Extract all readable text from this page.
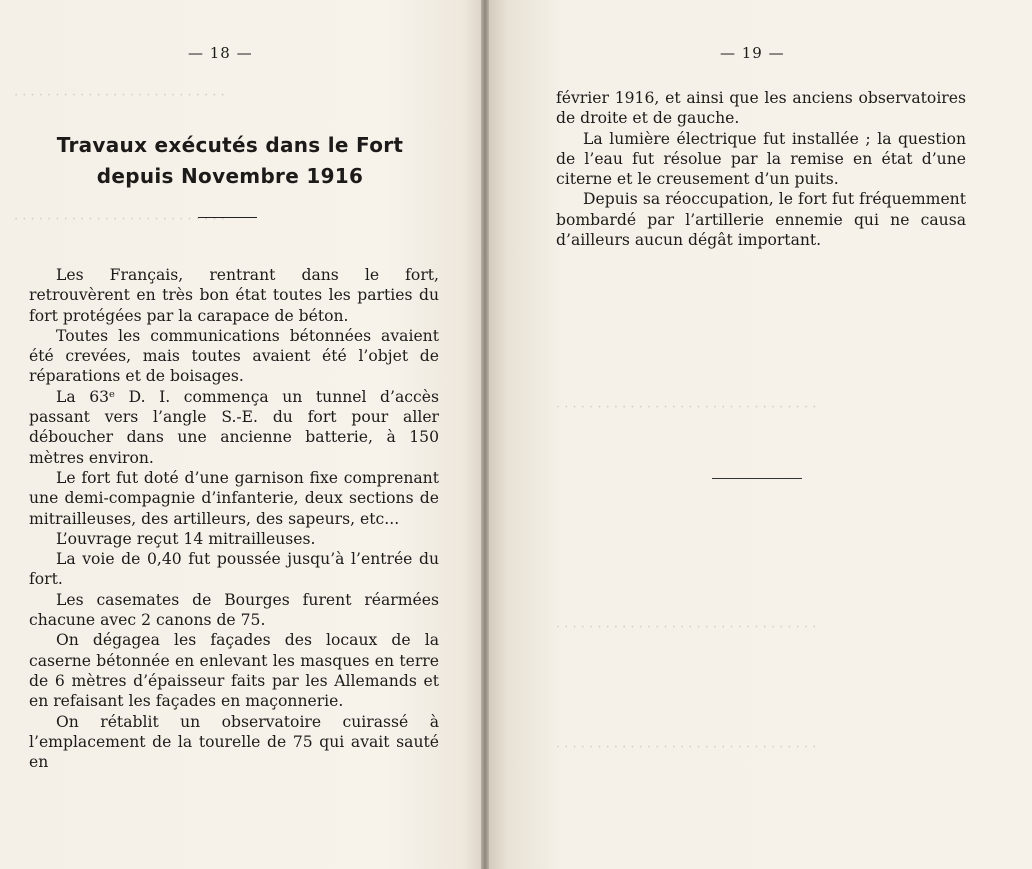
· · · · · · · · · · · · · · · · · · · · · · · · · ·
· · · · · · · · · · · · · · · · · · · · · · · · · ·
— 18 —
Travaux exécutés dans le Fort
depuis Novembre 1916

Les Français, rentrant dans le fort, retrouvèrent en très bon état toutes les parties du fort protégées par la carapace de béton.

Toutes les communications bétonnées avaient été crevées, mais toutes avaient été l’objet de réparations et de boisages.

La 63ᵉ D. I. commença un tunnel d’accès passant vers l’angle S.-E. du fort pour aller déboucher dans une ancienne batterie, à 150 mètres environ.

Le fort fut doté d’une garnison fixe comprenant une demi-compagnie d’infanterie, deux sections de mitrailleuses, des artilleurs, des sapeurs, etc...

L’ouvrage reçut 14 mitrailleuses.

La voie de 0,40 fut poussée jusqu’à l’entrée du fort.

Les casemates de Bourges furent réarmées chacune avec 2 canons de 75.

On dégagea les façades des locaux de la caserne bétonnée en enlevant les masques en terre de 6 mètres d’épaisseur faits par les Allemands et en refaisant les façades en maçonnerie.

On rétablit un observatoire cuirassé à l’emplacement de la tourelle de 75 qui avait sauté en

· · · · · · · · · · · · · · · · · · · · · · · · · · · · · · · ·
· · · · · · · · · · · · · · · · · · · · · · · · · · · · · · · ·
· · · · · · · · · · · · · · · · · · · · · · · · · · · · · · · ·
— 19 —

février 1916, et ainsi que les anciens observatoires de droite et de gauche.

La lumière électrique fut installée ; la question de l’eau fut résolue par la remise en état d’une citerne et le creusement d’un puits.

Depuis sa réoccupation, le fort fut fréquemment bombardé par l’artillerie ennemie qui ne causa d’ailleurs aucun dégât important.
